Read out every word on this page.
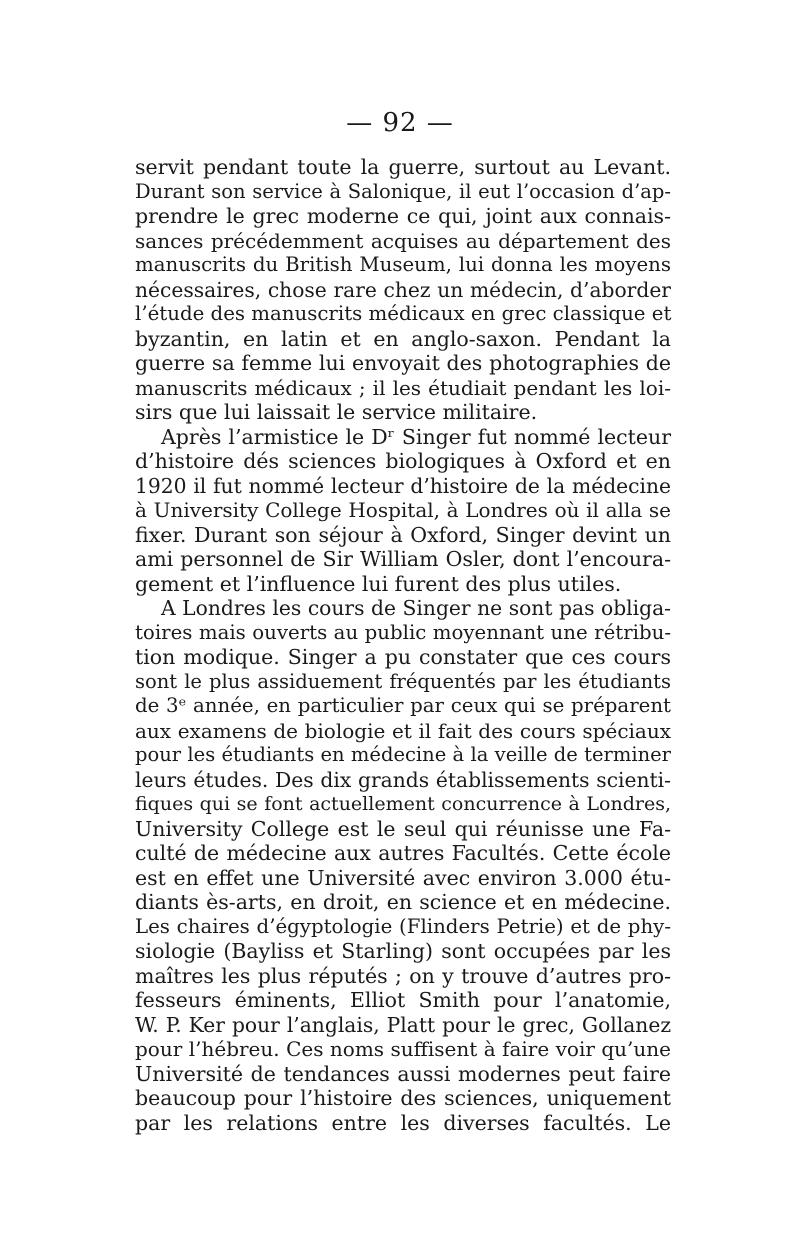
— 92 —
servit pendant toute la guerre, surtout au Levant.
Durant son service à Salonique, il eut l’occasion d’ap-
prendre le grec moderne ce qui, joint aux connais-
sances précédemment acquises au département des
manuscrits du British Museum, lui donna les moyens
nécessaires, chose rare chez un médecin, d’aborder
l’étude des manuscrits médicaux en grec classique et
byzantin, en latin et en anglo-saxon. Pendant la
guerre sa femme lui envoyait des photographies de
manuscrits médicaux ; il les étudiait pendant les loi-
sirs que lui laissait le service militaire.
Après l’armistice le Dʳ Singer fut nommé lecteur
d’histoire dés sciences biologiques à Oxford et en
1920 il fut nommé lecteur d’histoire de la médecine
à University College Hospital, à Londres où il alla se
fixer. Durant son séjour à Oxford, Singer devint un
ami personnel de Sir William Osler, dont l’encoura-
gement et l’influence lui furent des plus utiles.
A Londres les cours de Singer ne sont pas obliga-
toires mais ouverts au public moyennant une rétribu-
tion modique. Singer a pu constater que ces cours
sont le plus assiduement fréquentés par les étudiants
de 3ᵉ année, en particulier par ceux qui se préparent
aux examens de biologie et il fait des cours spéciaux
pour les étudiants en médecine à la veille de terminer
leurs études. Des dix grands établissements scienti-
fiques qui se font actuellement concurrence à Londres,
University College est le seul qui réunisse une Fa-
culté de médecine aux autres Facultés. Cette école
est en effet une Université avec environ 3.000 étu-
diants ès-arts, en droit, en science et en médecine.
Les chaires d’égyptologie (Flinders Petrie) et de phy-
siologie (Bayliss et Starling) sont occupées par les
maîtres les plus réputés ; on y trouve d’autres pro-
fesseurs éminents, Elliot Smith pour l’anatomie,
W. P. Ker pour l’anglais, Platt pour le grec, Gollanez
pour l’hébreu. Ces noms suffisent à faire voir qu’une
Université de tendances aussi modernes peut faire
beaucoup pour l’histoire des sciences, uniquement
par les relations entre les diverses facultés. Le
